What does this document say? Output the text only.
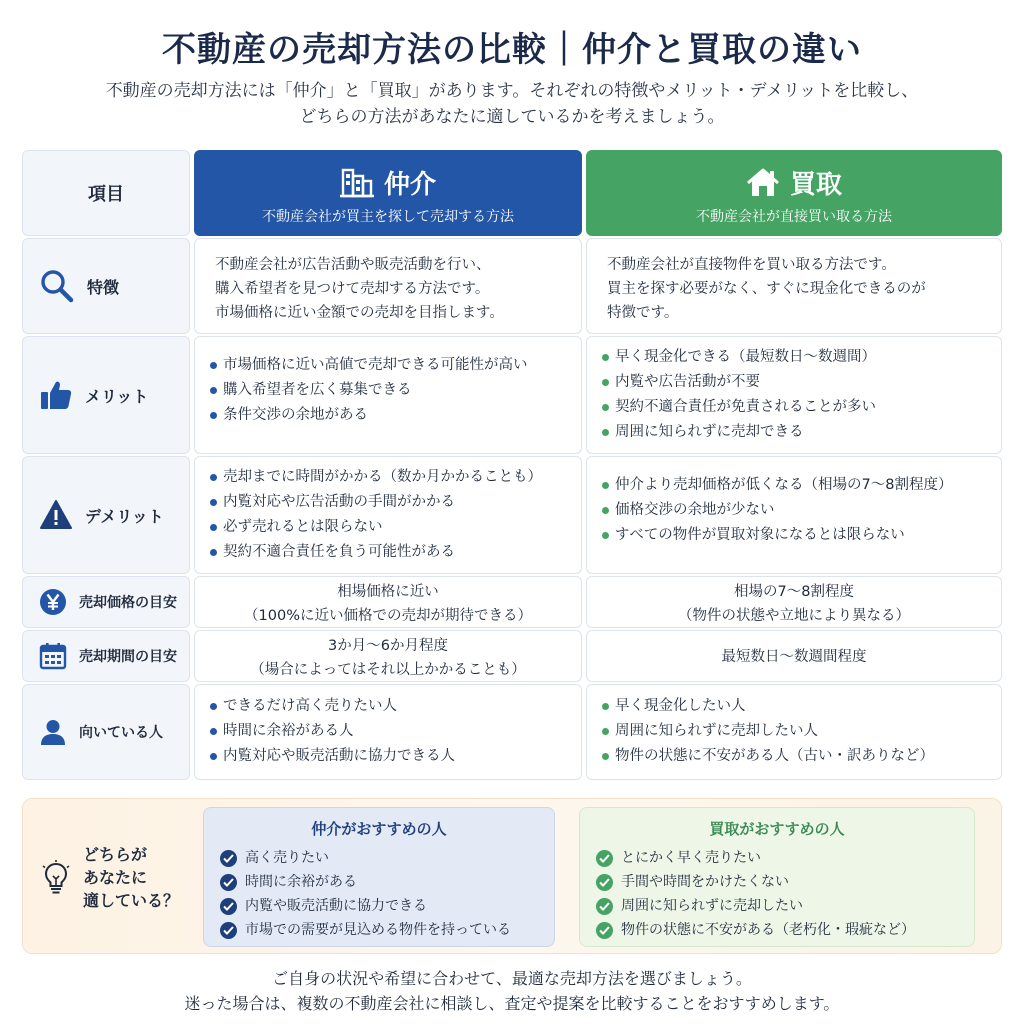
不動産の売却方法の比較｜仲介と買取の違い
不動産の売却方法には「仲介」と「買取」があります。それぞれの特徴やメリット・デメリットを比較し、
どちらの方法があなたに適しているかを考えましょう。
項目	仲介
不動産会社が買主を探して売却する方法
買取
不動産会社が直接買い取る方法
特徴
不動産会社が広告活動や販売活動を行い、
購入希望者を見つけて売却する方法です。
市場価格に近い金額での売却を目指します。
不動産会社が直接物件を買い取る方法です。
買主を探す必要がなく、すぐに現金化できるのが
特徴です。
メリット
市場価格に近い高値で売却できる可能性が高い
購入希望者を広く募集できる
条件交渉の余地がある
早く現金化できる（最短数日〜数週間）
内覧や広告活動が不要
契約不適合責任が免責されることが多い
周囲に知られずに売却できる
デメリット
売却までに時間がかかる（数か月かかることも）
内覧対応や広告活動の手間がかかる
必ず売れるとは限らない
契約不適合責任を負う可能性がある
仲介より売却価格が低くなる（相場の7〜8割程度）
価格交渉の余地が少ない
すべての物件が買取対象になるとは限らない
売却価格の目安
相場価格に近い
（100%に近い価格での売却が期待できる）
相場の7〜8割程度
（物件の状態や立地により異なる）
売却期間の目安
3か月〜6か月程度
（場合によってはそれ以上かかることも）
最短数日〜数週間程度
向いている人
できるだけ高く売りたい人
時間に余裕がある人
内覧対応や販売活動に協力できる人
早く現金化したい人
周囲に知られずに売却したい人
物件の状態に不安がある人（古い・訳ありなど）
どちらが
あなたに
適している？
仲介がおすすめの人
高く売りたい
時間に余裕がある
内覧や販売活動に協力できる
市場での需要が見込める物件を持っている
買取がおすすめの人
とにかく早く売りたい
手間や時間をかけたくない
周囲に知られずに売却したい
物件の状態に不安がある（老朽化・瑕疵など）
ご自身の状況や希望に合わせて、最適な売却方法を選びましょう。
迷った場合は、複数の不動産会社に相談し、査定や提案を比較することをおすすめします。
